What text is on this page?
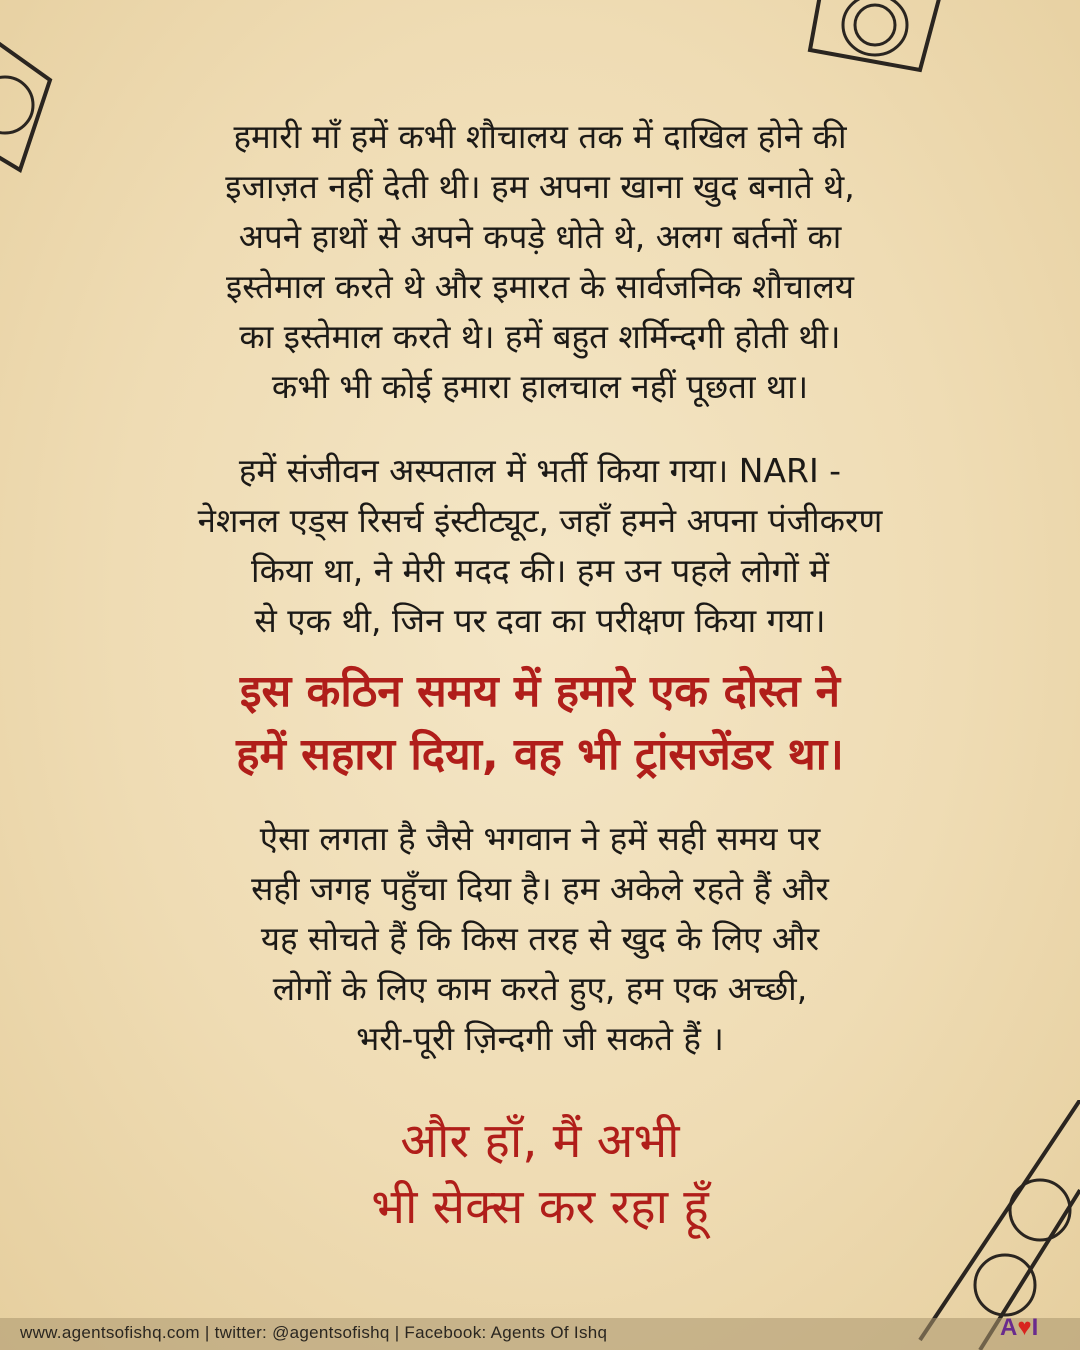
हमारी माँ हमें कभी शौचालय तक में दाखिल होने की
इजाज़त नहीं देती थी। हम अपना खाना खुद बनाते थे,
अपने हाथों से अपने कपड़े धोते थे, अलग बर्तनों का
इस्तेमाल करते थे और इमारत के सार्वजनिक शौचालय
का इस्तेमाल करते थे। हमें बहुत शर्मिन्दगी होती थी।
कभी भी कोई हमारा हालचाल नहीं पूछता था।
हमें संजीवन अस्पताल में भर्ती किया गया। NARI -
नेशनल एड्स रिसर्च इंस्टीट्यूट, जहाँ हमने अपना पंजीकरण
किया था, ने मेरी मदद की। हम उन पहले लोगों में
से एक थी, जिन पर दवा का परीक्षण किया गया।
इस कठिन समय में हमारे एक दोस्त ने
हमें सहारा दिया, वह भी ट्रांसजेंडर था।
ऐसा लगता है जैसे भगवान ने हमें सही समय पर
सही जगह पहुँचा दिया है। हम अकेले रहते हैं और
यह सोचते हैं कि किस तरह से खुद के लिए और
लोगों के लिए काम करते हुए, हम एक अच्छी,
भरी-पूरी ज़िन्दगी जी सकते हैं ।
और हाँ, मैं अभी
भी सेक्स कर रहा हूँ
www.agentsofishq.com | twitter: @agentsofishq | Facebook: Agents Of Ishq	A♥I
